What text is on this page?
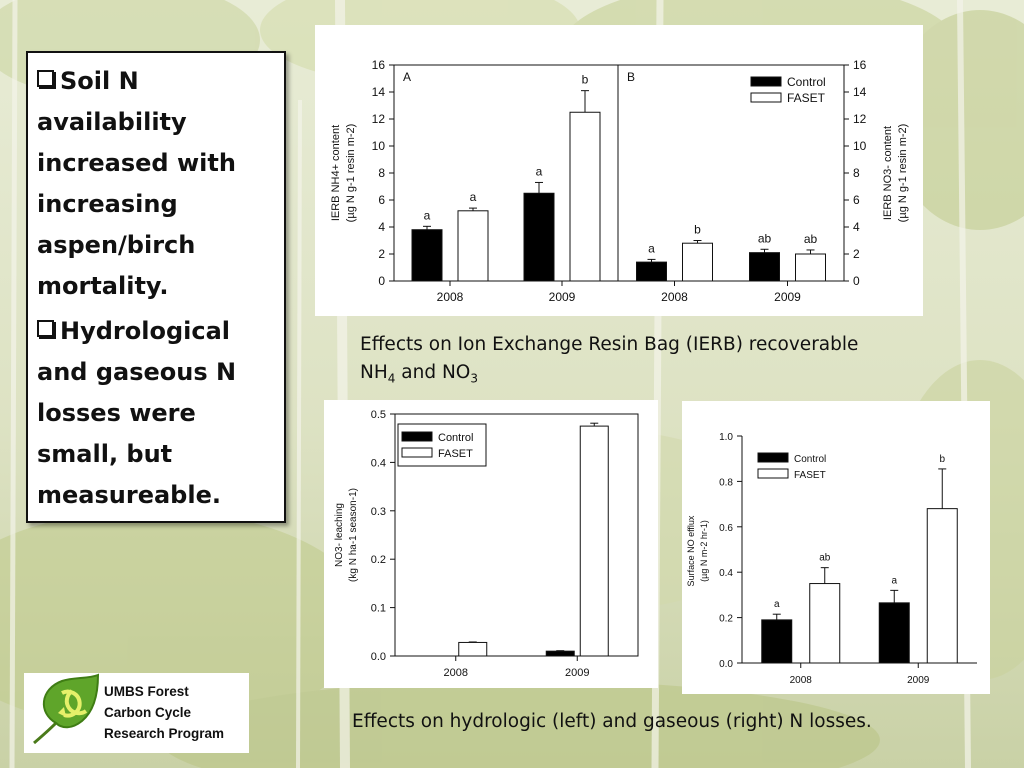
Soil N availability increased with increasing aspen/birch mortality.
Hydrological and gaseous N losses were small, but measureable.
0
2
4
6
8
10
12
14
16
2008
a
a
2009
a
b
0
2
4
6
8
10
12
14
16
2008
a
b
2009
ab	ab
A	B	Control
FASET
IERB NH4+ content (µg N g-1 resin m-2)	IERB NO3- content (µg N g-1 resin m-2)
Effects on Ion Exchange Resin Bag (IERB) recoverable
$NH_4$ and $NO_3$
0.0
0.1
0.2
0.3
0.4
0.5
2008	2009
Control
FASET
NO3- leaching (kg N ha-1 season-1)
0.0
0.2
0.4
0.6
0.8
1.0
2008
a
ab
2009
a
b
Control
FASET
Surface NO efflux (µg N m-2 hr-1)
Effects on hydrologic (left) and gaseous (right) N losses.
UMBS Forest
Carbon Cycle
Research Program
